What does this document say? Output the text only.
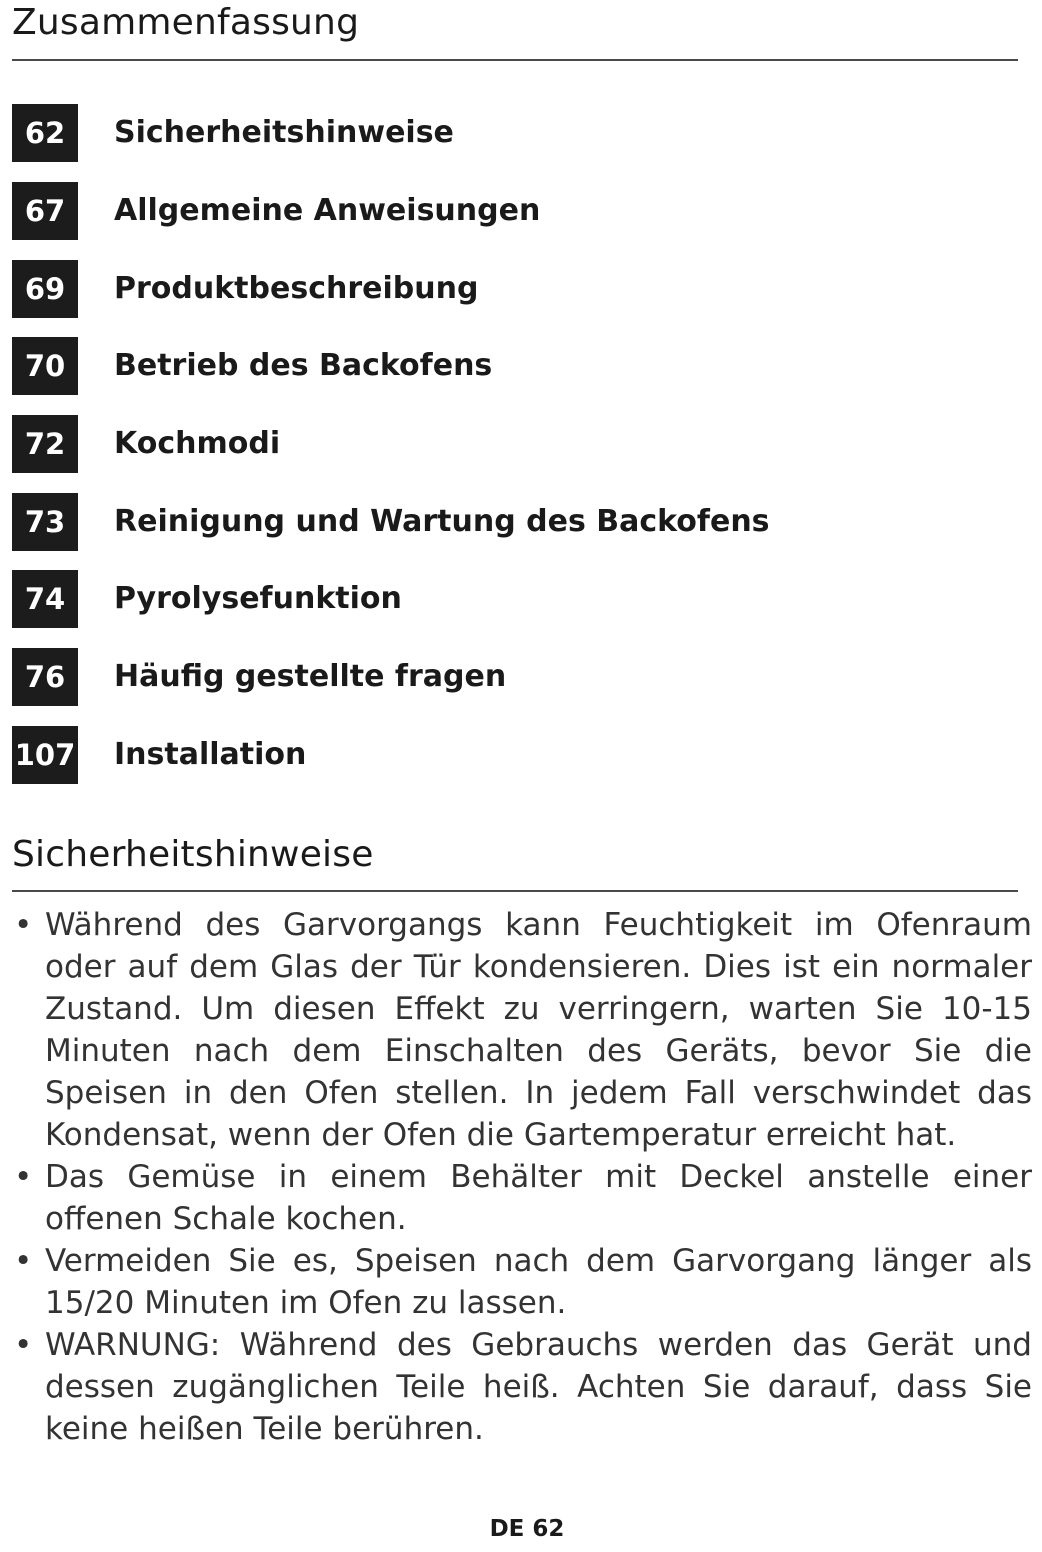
Zusammenfassung
62	Sicherheitshinweise
67	Allgemeine Anweisungen
69	Produktbeschreibung
70	Betrieb des Backofens
72	Kochmodi
73	Reinigung und Wartung des Backofens
74	Pyrolysefunktion
76	Häufig gestellte fragen
107 Installation
Sicherheitshinweise
• Während des Garvorgangs kann Feuchtigkeit im Ofenraum oder auf dem Glas der Tür kondensieren. Dies ist ein normaler Zustand. Um diesen Effekt zu verringern, warten Sie 10-15 Minuten nach dem Einschalten des Geräts, bevor Sie die Speisen in den Ofen stellen. In jedem Fall verschwindet das Kondensat, wenn der Ofen die Gartemperatur erreicht hat.
• Das Gemüse in einem Behälter mit Deckel anstelle einer offenen Schale kochen.
• Vermeiden Sie es, Speisen nach dem Garvorgang länger als 15/20 Minuten im Ofen zu lassen.
• WARNUNG: Während des Gebrauchs werden das Gerät und dessen zugänglichen Teile heiß. Achten Sie darauf, dass Sie keine heißen Teile berühren.
DE 62
